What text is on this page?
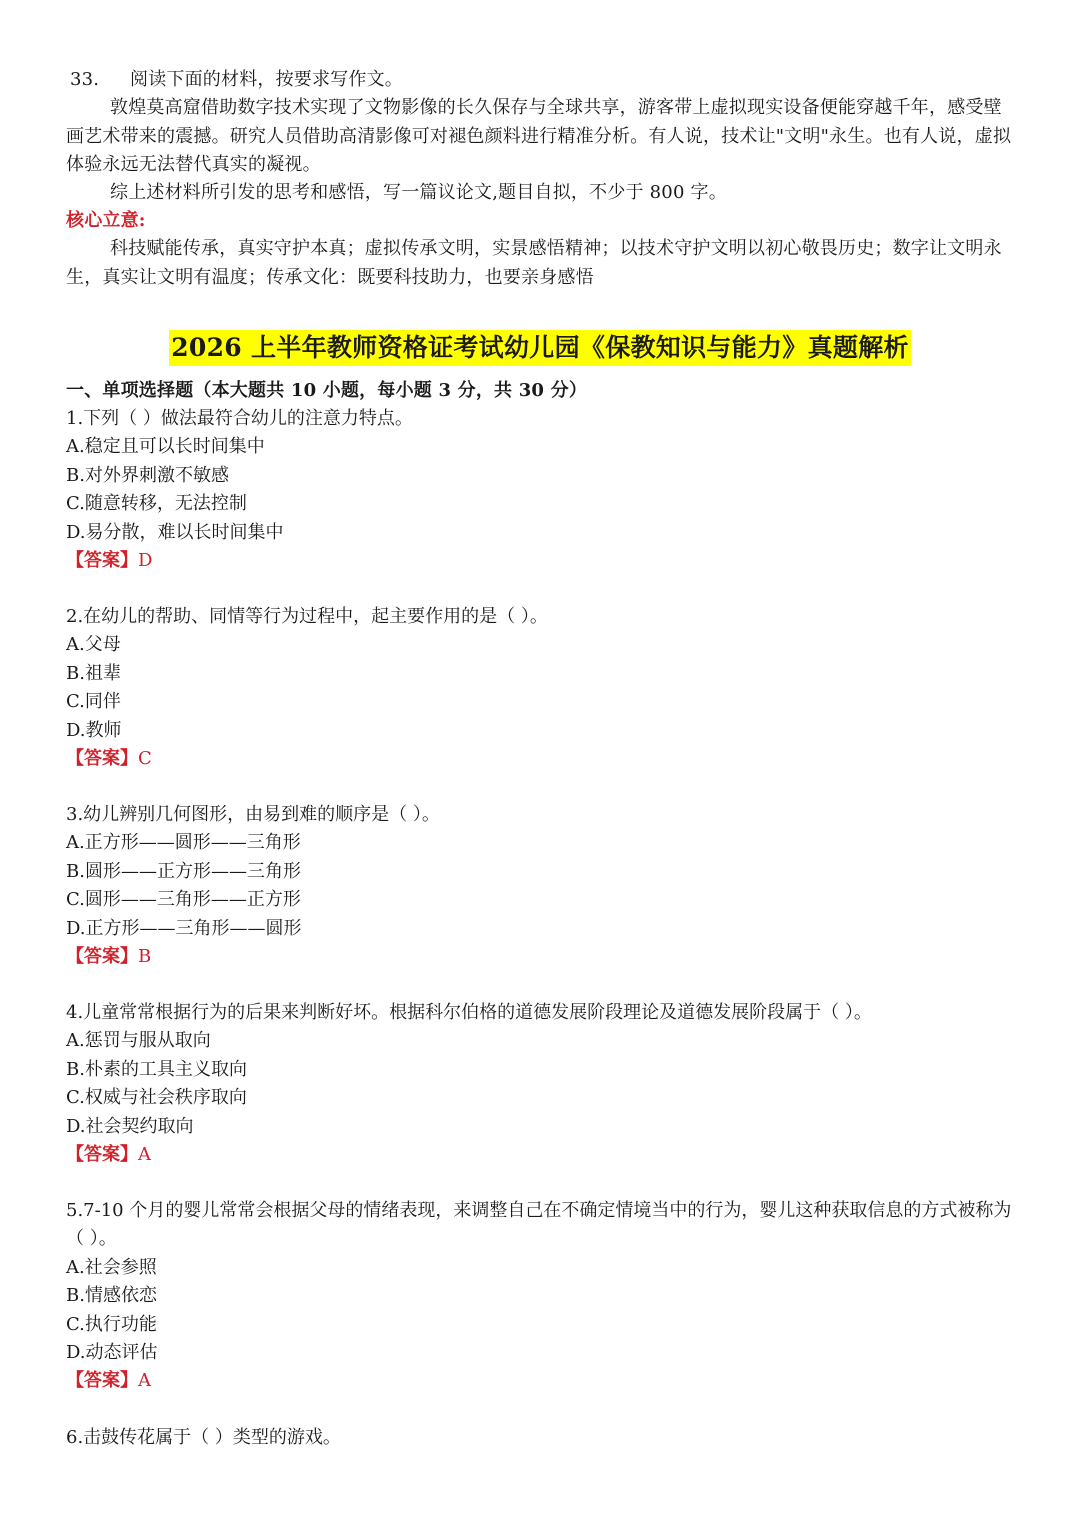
33. 阅读下面的材料，按要求写作文。
敦煌莫高窟借助数字技术实现了文物影像的长久保存与全球共享，游客带上虚拟现实设备便能穿越千年，感受壁画艺术带来的震撼。研究人员借助高清影像可对褪色颜料进行精准分析。有人说，技术让"文明"永生。也有人说，虚拟体验永远无法替代真实的凝视。
综上述材料所引发的思考和感悟，写一篇议论文,题目自拟，不少于 800 字。
核心立意:
科技赋能传承，真实守护本真；虚拟传承文明，实景感悟精神；以技术守护文明以初心敬畏历史；数字让文明永生，真实让文明有温度；传承文化：既要科技助力，也要亲身感悟
2026 上半年教师资格证考试幼儿园《保教知识与能力》真题解析
一、单项选择题（本大题共 10 小题，每小题 3 分，共 30 分）
1.下列（ ）做法最符合幼儿的注意力特点。
A.稳定且可以长时间集中
B.对外界刺激不敏感
C.随意转移，无法控制
D.易分散，难以长时间集中
【答案】D
2.在幼儿的帮助、同情等行为过程中，起主要作用的是（ ）。
A.父母
B.祖辈
C.同伴
D.教师
【答案】C
3.幼儿辨别几何图形，由易到难的顺序是（ ）。
A.正方形——圆形——三角形
B.圆形——正方形——三角形
C.圆形——三角形——正方形
D.正方形——三角形——圆形
【答案】B
4.儿童常常根据行为的后果来判断好坏。根据科尔伯格的道德发展阶段理论及道德发展阶段属于（ ）。
A.惩罚与服从取向
B.朴素的工具主义取向
C.权威与社会秩序取向
D.社会契约取向
【答案】A
5.7-10 个月的婴儿常常会根据父母的情绪表现，来调整自己在不确定情境当中的行为，婴儿这种获取信息的方式被称为（ ）。
A.社会参照
B.情感依恋
C.执行功能
D.动态评估
【答案】A
6.击鼓传花属于（ ）类型的游戏。
